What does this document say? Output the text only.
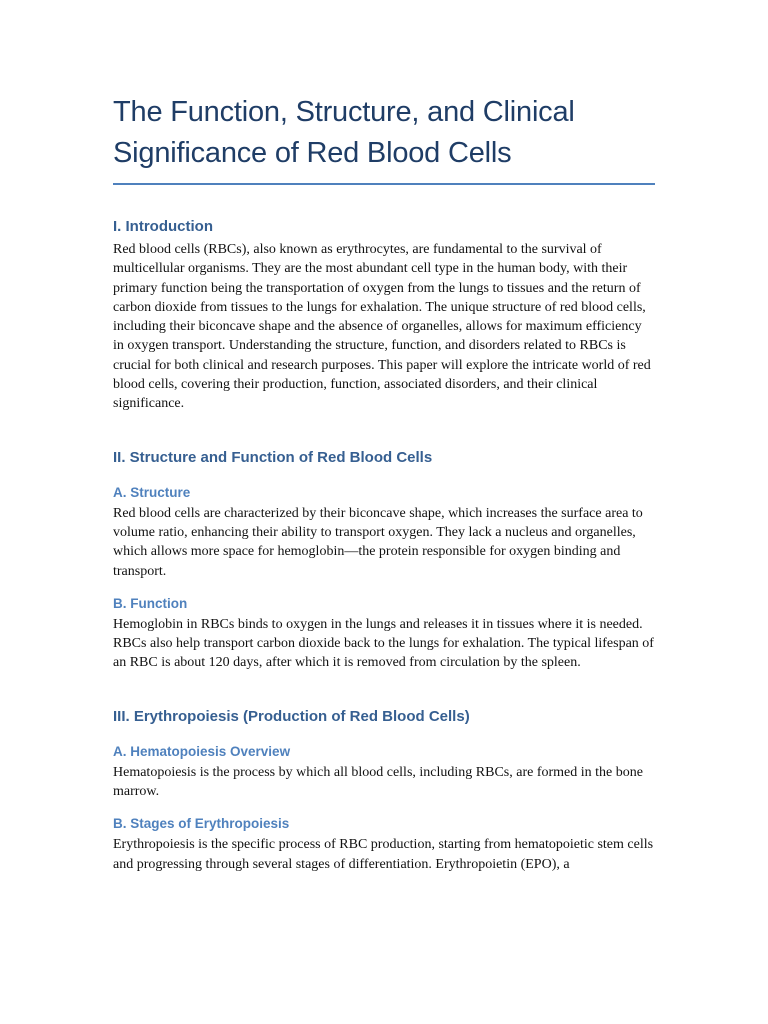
The Function, Structure, and Clinical Significance of Red Blood Cells
I. Introduction

Red blood cells (RBCs), also known as erythrocytes, are fundamental to the survival of multicellular organisms. They are the most abundant cell type in the human body, with their primary function being the transportation of oxygen from the lungs to tissues and the return of carbon dioxide from tissues to the lungs for exhalation. The unique structure of red blood cells, including their biconcave shape and the absence of organelles, allows for maximum efficiency in oxygen transport. Understanding the structure, function, and disorders related to RBCs is crucial for both clinical and research purposes. This paper will explore the intricate world of red blood cells, covering their production, function, associated disorders, and their clinical significance.

II. Structure and Function of Red Blood Cells
A. Structure

Red blood cells are characterized by their biconcave shape, which increases the surface area to volume ratio, enhancing their ability to transport oxygen. They lack a nucleus and organelles, which allows more space for hemoglobin—the protein responsible for oxygen binding and transport.

B. Function

Hemoglobin in RBCs binds to oxygen in the lungs and releases it in tissues where it is needed. RBCs also help transport carbon dioxide back to the lungs for exhalation. The typical lifespan of an RBC is about 120 days, after which it is removed from circulation by the spleen.

III. Erythropoiesis (Production of Red Blood Cells)
A. Hematopoiesis Overview

Hematopoiesis is the process by which all blood cells, including RBCs, are formed in the bone marrow.

B. Stages of Erythropoiesis

Erythropoiesis is the specific process of RBC production, starting from hematopoietic stem cells and progressing through several stages of differentiation. Erythropoietin (EPO), a
